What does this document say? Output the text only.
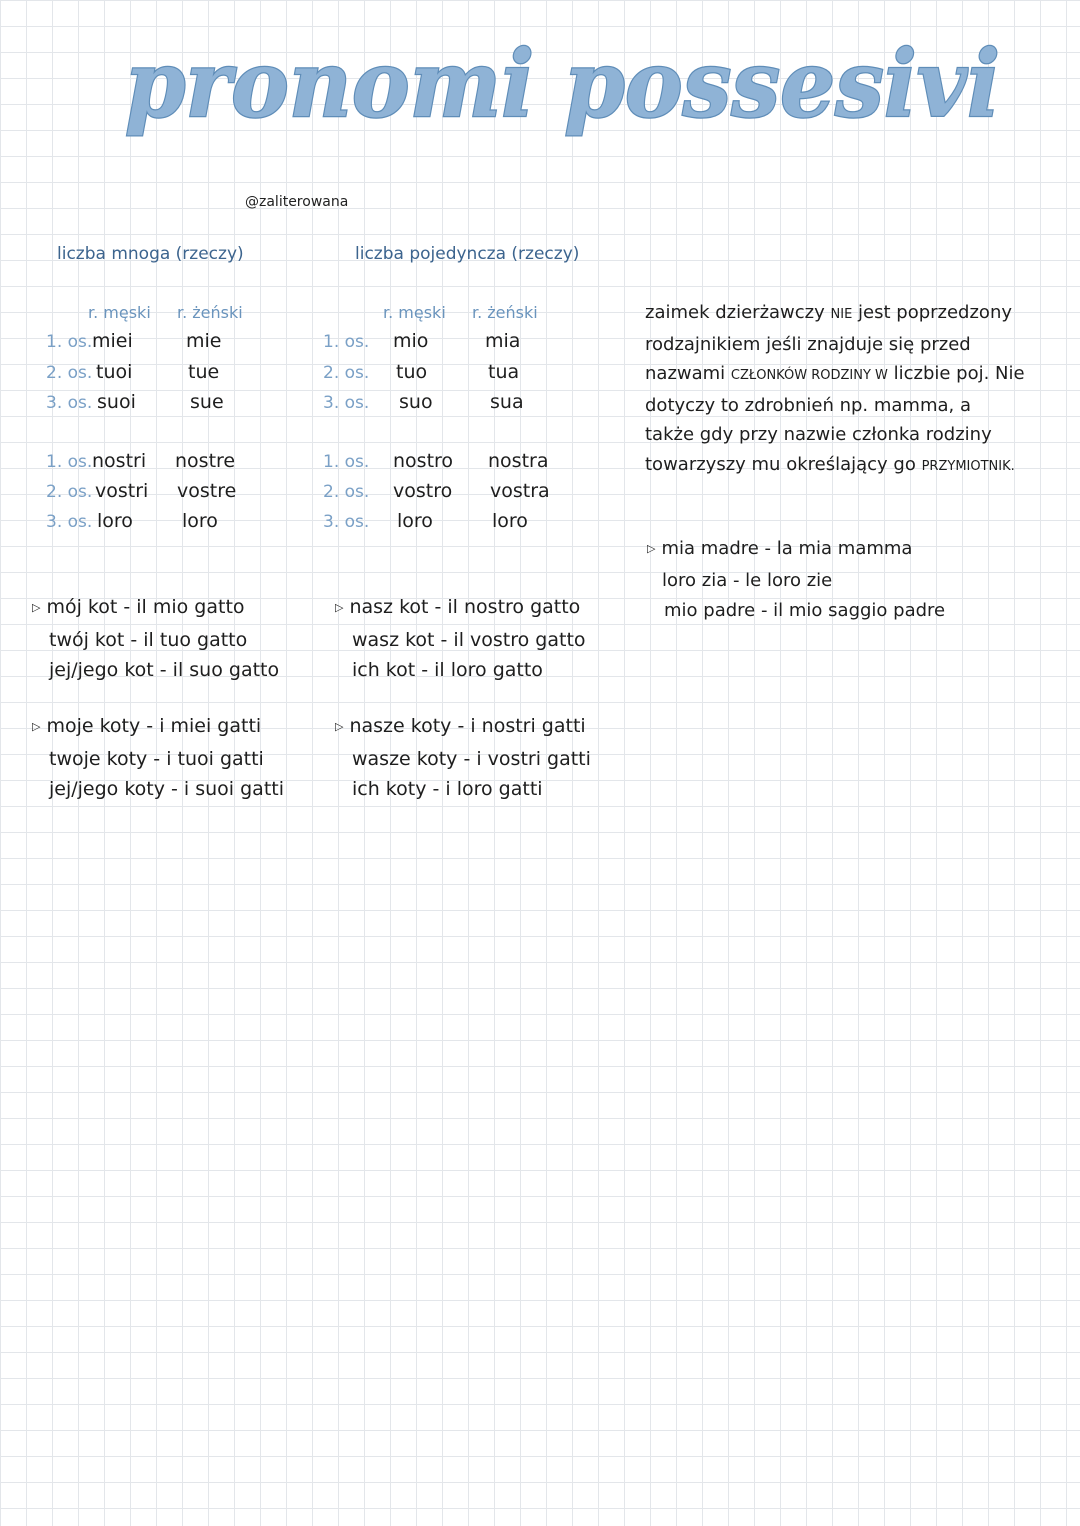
pronomi possesivi
@zaliterowana
liczba mnoga (rzeczy)
r. męski r. żeński
1. os. miei	mie
2. os. tuoi	tue
3. os. suoi	sue
1. os. nostri nostre
2. os. vostri vostre
3. os. loro	loro
liczba pojedyncza (rzeczy)
r. męski r. żeński
1. os. mio	mia
2. os. tuo	tua
3. os. suo	sua
1. os. nostro nostra
2. os. vostro vostra
3. os. loro	loro
▷ mój kot - il mio gatto
twój kot - il tuo gatto
jej/jego kot - il suo gatto
▷ nasz kot - il nostro gatto
wasz kot - il vostro gatto
ich kot - il loro gatto
▷ moje koty - i miei gatti
twoje koty - i tuoi gatti
jej/jego koty - i suoi gatti
▷ nasze koty - i nostri gatti
wasze koty - i vostri gatti
ich koty - i loro gatti
zaimek dzierżawczy NIE jest poprzedzony rodzajnikiem jeśli znajduje się przed nazwami CZŁONKÓW RODZINY W liczbie poj. Nie dotyczy to zdrobnień np. mamma, a także gdy przy nazwie członka rodziny towarzyszy mu określający go PRZYMIOTNIK.
▷ mia madre - la mia mamma
loro zia - le loro zie
mio padre - il mio saggio padre
